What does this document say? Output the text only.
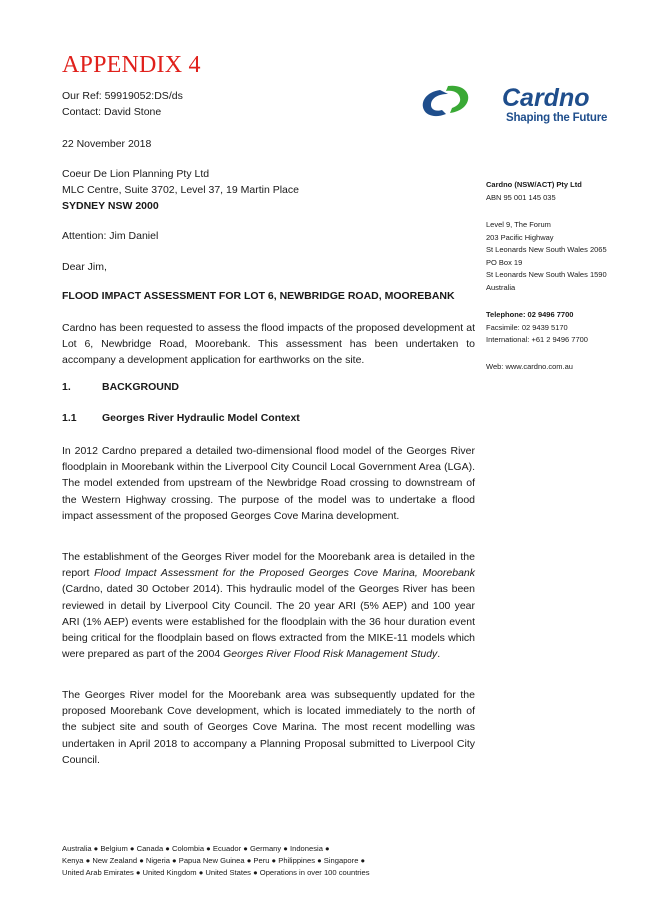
APPENDIX 4
Cardno
Shaping the Future
Our Ref: 59919052:DS/ds
Contact: David Stone
22 November 2018
Coeur De Lion Planning Pty Ltd
MLC Centre, Suite 3702, Level 37, 19 Martin Place
SYDNEY NSW 2000
Attention: Jim Daniel
Dear Jim,
FLOOD IMPACT ASSESSMENT FOR LOT 6, NEWBRIDGE ROAD, MOOREBANK
Cardno has been requested to assess the flood impacts of the proposed development at Lot 6, Newbridge Road, Moorebank. This assessment has been undertaken to accompany a development application for earthworks on the site.
1.	BACKGROUND
1.1 Georges River Hydraulic Model Context
In 2012 Cardno prepared a detailed two-dimensional flood model of the Georges River floodplain in Moorebank within the Liverpool City Council Local Government Area (LGA). The model extended from upstream of the Newbridge Road crossing to downstream of the Western Highway crossing. The purpose of the model was to undertake a flood impact assessment of the proposed Georges Cove Marina development.
The establishment of the Georges River model for the Moorebank area is detailed in the report Flood Impact Assessment for the Proposed Georges Cove Marina, Moorebank (Cardno, dated 30 October 2014). This hydraulic model of the Georges River has been reviewed in detail by Liverpool City Council. The 20 year ARI (5% AEP) and 100 year ARI (1% AEP) events were established for the floodplain with the 36 hour duration event being critical for the floodplain based on flows extracted from the MIKE-11 models which were prepared as part of the 2004 Georges River Flood Risk Management Study.
The Georges River model for the Moorebank area was subsequently updated for the proposed Moorebank Cove development, which is located immediately to the north of the subject site and south of Georges Cove Marina. The most recent modelling was undertaken in April 2018 to accompany a Planning Proposal submitted to Liverpool City Council.
Cardno (NSW/ACT) Pty Ltd
ABN 95 001 145 035
Level 9, The Forum
203 Pacific Highway
St Leonards New South Wales 2065
PO Box 19
St Leonards New South Wales 1590
Australia
Telephone: 02 9496 7700
Facsimile: 02 9439 5170
International: +61 2 9496 7700
Web: www.cardno.com.au
Australia ● Belgium ● Canada ● Colombia ● Ecuador ● Germany ● Indonesia ●
Kenya ● New Zealand ● Nigeria ● Papua New Guinea ● Peru ● Philippines ● Singapore ●
United Arab Emirates ● United Kingdom ● United States ● Operations in over 100 countries
